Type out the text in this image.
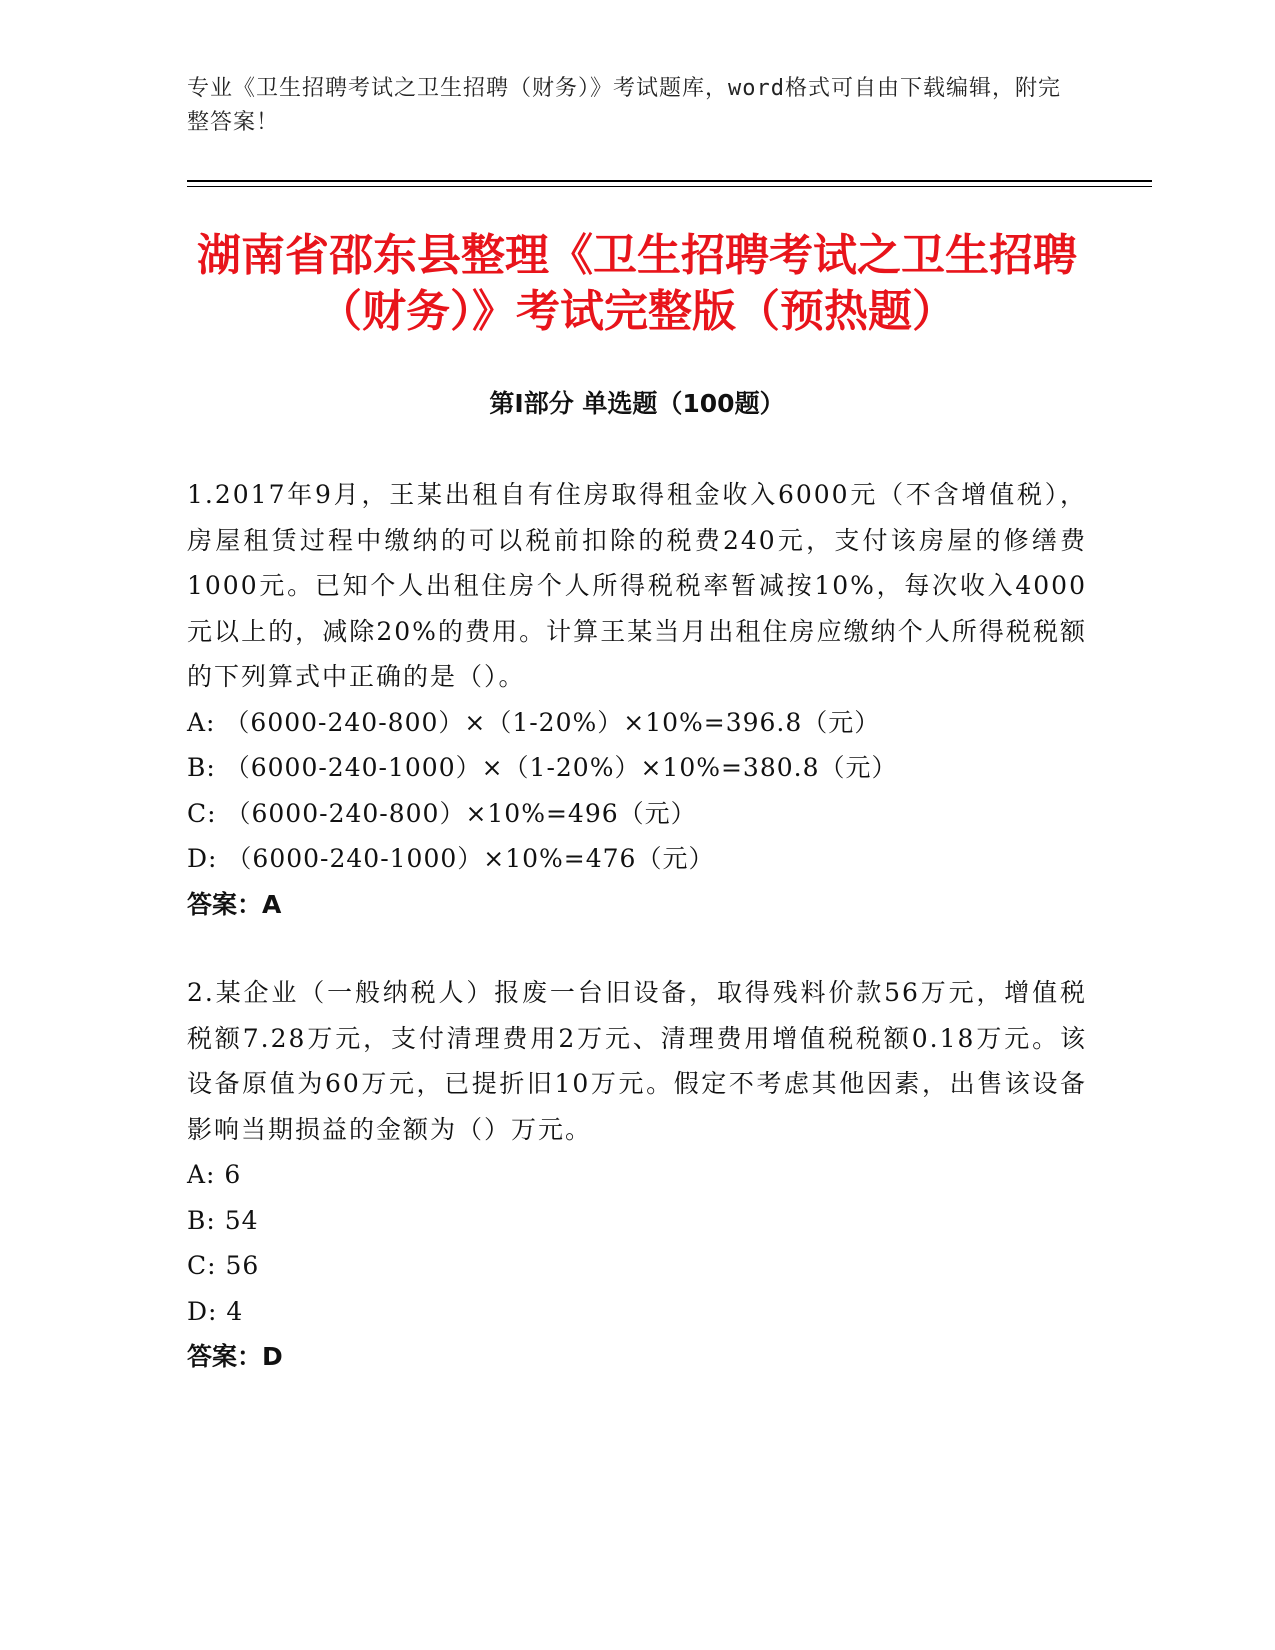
专业《卫生招聘考试之卫生招聘（财务）》考试题库，word格式可自由下载编辑，附完整答案！
湖南省邵东县整理《卫生招聘考试之卫生招聘（财务）》考试完整版（预热题）
第I部分 单选题（100题）

1.2017年9月，王某出租自有住房取得租金收入6000元（不含增值税），房屋租赁过程中缴纳的可以税前扣除的税费240元，支付该房屋的修缮费1000元。已知个人出租住房个人所得税税率暂减按10%，每次收入4000元以上的，减除20%的费用。计算王某当月出租住房应缴纳个人所得税税额的下列算式中正确的是（）。

A: （6000-240-800）×（1-20%）×10%=396.8（元）

B: （6000-240-1000）×（1-20%）×10%=380.8（元）

C: （6000-240-800）×10%=496（元）

D: （6000-240-1000）×10%=476（元）

答案：A

2.某企业（一般纳税人）报废一台旧设备，取得残料价款56万元，增值税税额7.28万元，支付清理费用2万元、清理费用增值税税额0.18万元。该设备原值为60万元，已提折旧10万元。假定不考虑其他因素，出售该设备影响当期损益的金额为（）万元。

A: 6

B: 54

C: 56

D: 4

答案：D
